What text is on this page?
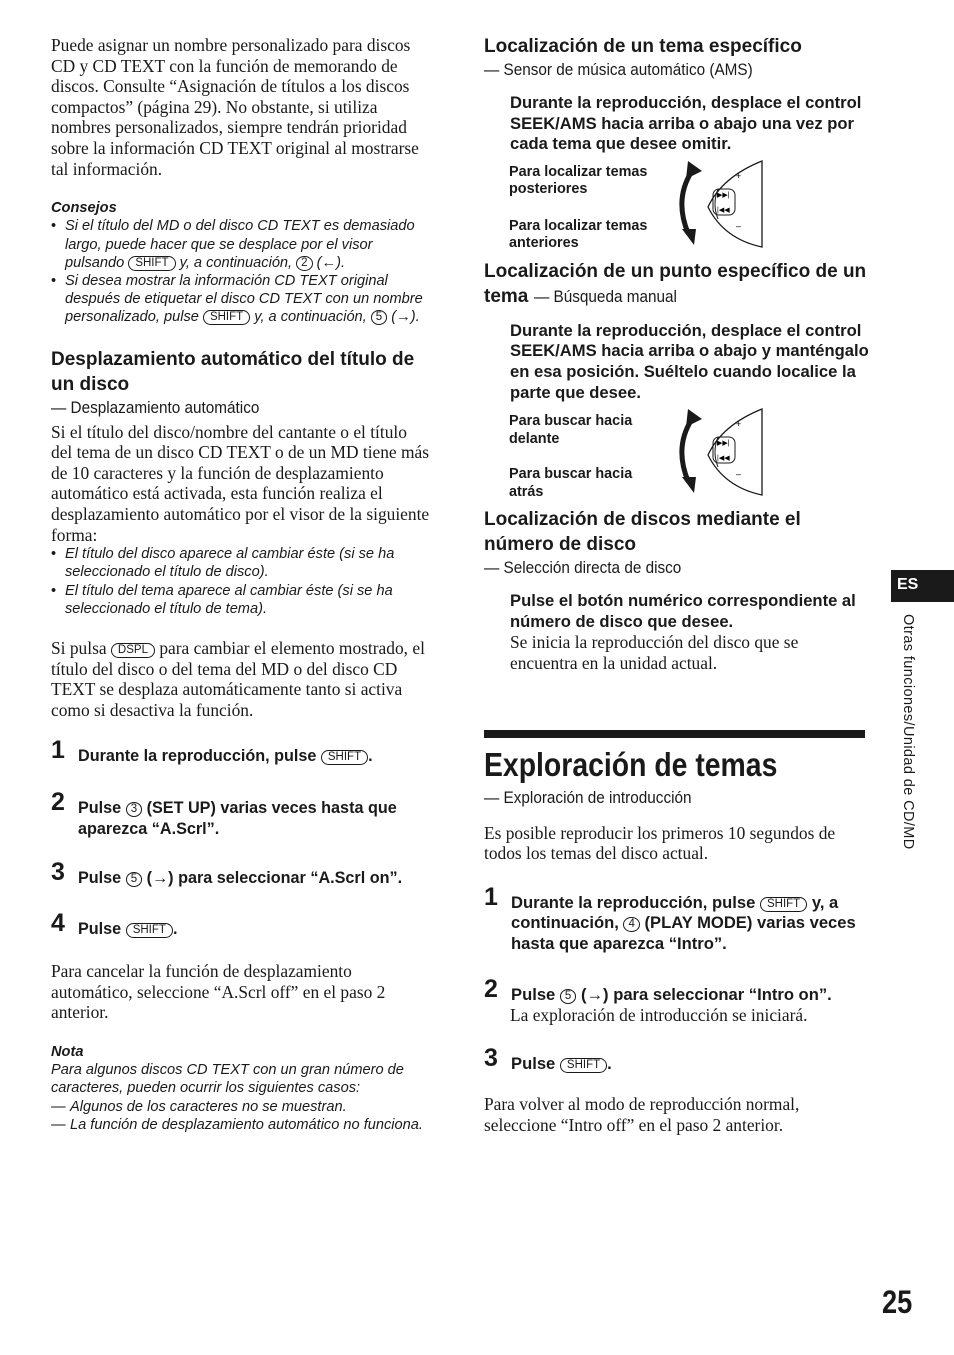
Puede asignar un nombre personalizado para discos CD y CD TEXT con la función de memorando de discos. Consulte “Asignación de títulos a los discos compactos” (página 29). No obstante, si utiliza nombres personalizados, siempre tendrán prioridad sobre la información CD TEXT original al mostrarse tal información.

Consejos
• Si el título del MD o del disco CD TEXT es demasiado largo, puede hacer que se desplace por el visor pulsando SHIFT y, a continuación, 2 (←).
• Si desea mostrar la información CD TEXT original después de etiquetar el disco CD TEXT con un nombre personalizado, pulse SHIFT y, a continuación, 5 (→).
Desplazamiento automático del título de un disco
— Desplazamiento automático

Si el título del disco/nombre del cantante o el título del tema de un disco CD TEXT o de un MD tiene más de 10 caracteres y la función de desplazamiento automático está activada, esta función realiza el desplazamiento automático por el visor de la siguiente forma:

• El título del disco aparece al cambiar éste (si se ha seleccionado el título de disco).
• El título del tema aparece al cambiar éste (si se ha seleccionado el título de tema).

Si pulsa DSPL para cambiar el elemento mostrado, el título del disco o del tema del MD o del disco CD TEXT se desplaza automáticamente tanto si activa como si desactiva la función.

1 Durante la reproducción, pulse SHIFT .
2 Pulse 3 (SET UP) varias veces hasta que aparezca “A.Scrl”.
3 Pulse 5 (→) para seleccionar “A.Scrl on”.
4 Pulse SHIFT .

Para cancelar la función de desplazamiento automático, seleccione “A.Scrl off” en el paso 2 anterior.

Nota
Para algunos discos CD TEXT con un gran número de caracteres, pueden ocurrir los siguientes casos:
— Algunos de los caracteres no se muestran.
— La función de desplazamiento automático no funciona.
Localización de un tema específico
— Sensor de música automático (AMS)

Durante la reproducción, desplace el control SEEK/AMS hacia arriba o abajo una vez por cada tema que desee omitir.

Para localizar temas posteriores
Para localizar temas anteriores
▶▶|
|◀◀
+
–
Localización de un punto específico de un tema — Búsqueda manual

Durante la reproducción, desplace el control SEEK/AMS hacia arriba o abajo y manténgalo en esa posición. Suéltelo cuando localice la parte que desee.

Para buscar hacia delante
Para buscar hacia atrás
▶▶|
|◀◀
+
–
Localización de discos mediante el número de disco
— Selección directa de disco

Pulse el botón numérico correspondiente al número de disco que desee.

Se inicia la reproducción del disco que se encuentra en la unidad actual.

Exploración de temas
— Exploración de introducción

Es posible reproducir los primeros 10 segundos de todos los temas del disco actual.

1 Durante la reproducción, pulse SHIFT y, a continuación, 4 (PLAY MODE) varias veces hasta que aparezca “Intro”.
2 Pulse 5 (→) para seleccionar “Intro on”.

La exploración de introducción se iniciará.

3 Pulse SHIFT .

Para volver al modo de reproducción normal, seleccione “Intro off” en el paso 2 anterior.

ES
Otras funciones/Unidad de CD/MD
25
